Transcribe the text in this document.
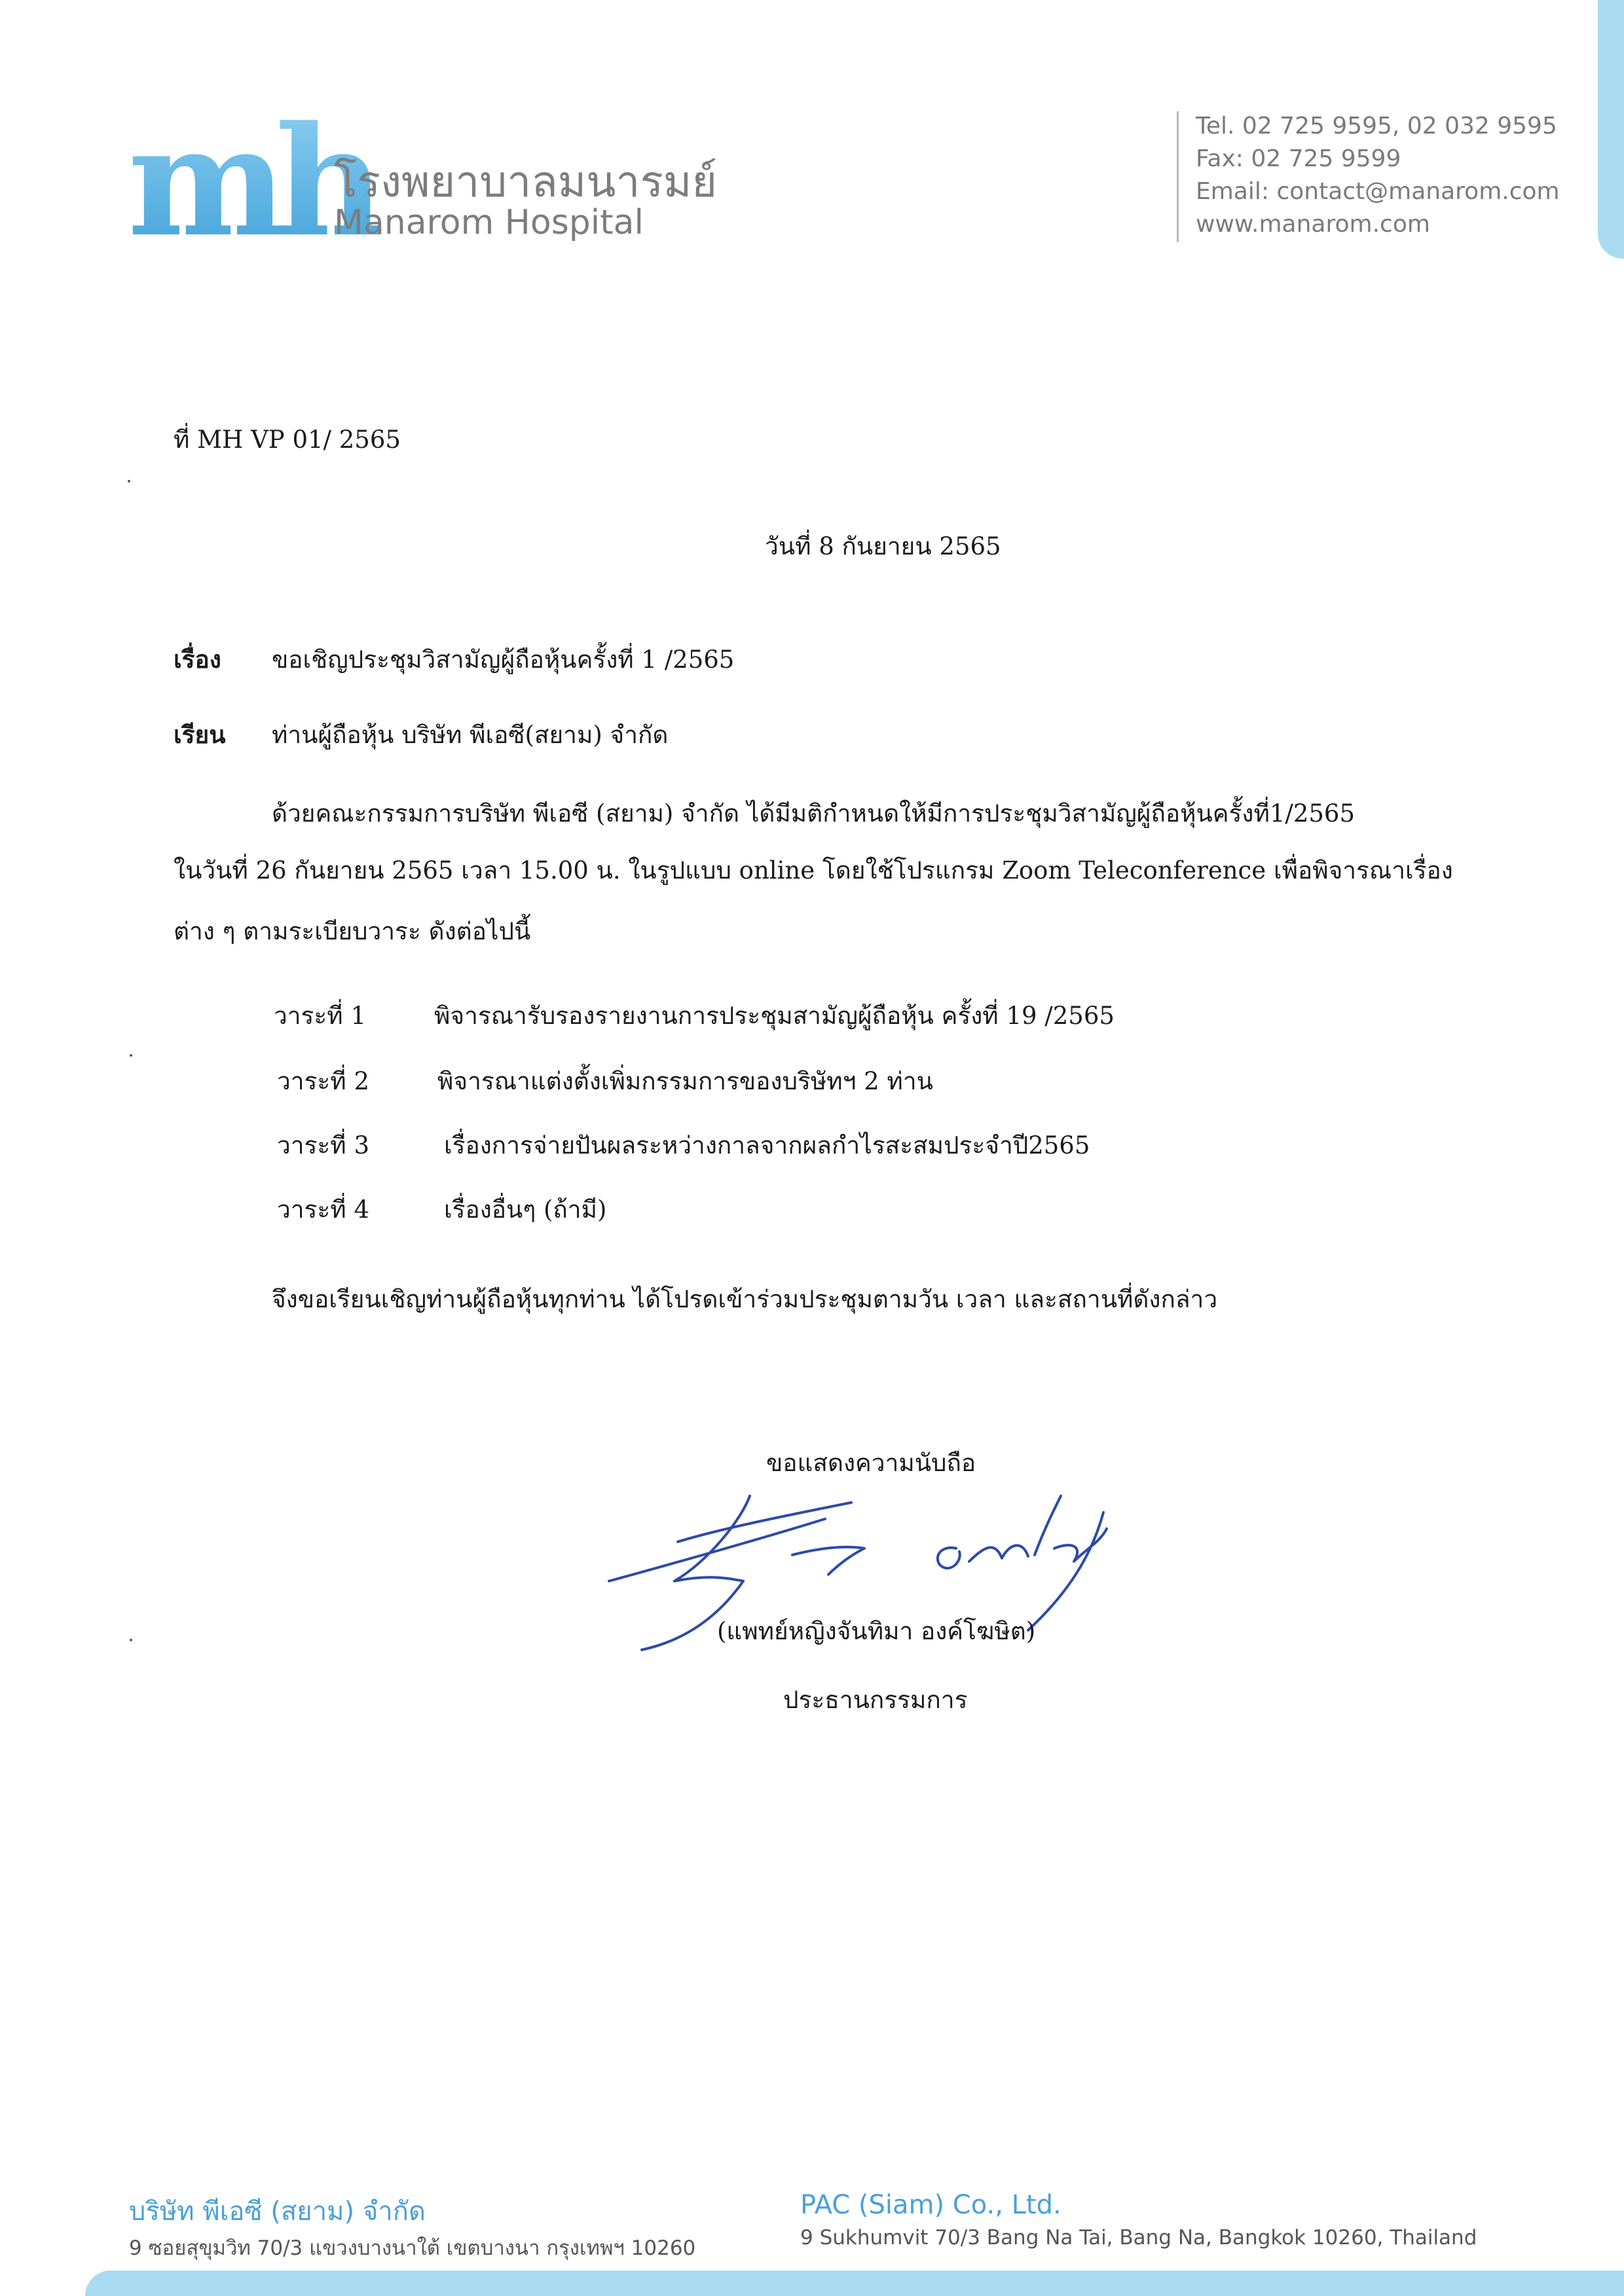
mh
โรงพยาบาลมนารมย์
Manarom Hospital
Tel. 02 725 9595, 02 032 9595
Fax: 02 725 9599
Email: contact@manarom.com
www.manarom.com
ที่ MH VP 01/ 2565
วันที่ 8 กันยายน 2565
เรื่อง ขอเชิญประชุมวิสามัญผู้ถือหุ้นครั้งที่ 1 /2565
เรียน ท่านผู้ถือหุ้น บริษัท พีเอซี(สยาม) จำกัด
ด้วยคณะกรรมการบริษัท พีเอซี (สยาม) จำกัด ได้มีมติกำหนดให้มีการประชุมวิสามัญผู้ถือหุ้นครั้งที่1/2565
ในวันที่ 26 กันยายน 2565 เวลา 15.00 น. ในรูปแบบ online โดยใช้โปรแกรม Zoom Teleconference เพื่อพิจารณาเรื่อง
ต่าง ๆ ตามระเบียบวาระ ดังต่อไปนี้
วาระที่ 1	พิจารณารับรองรายงานการประชุมสามัญผู้ถือหุ้น ครั้งที่ 19 /2565
วาระที่ 2	พิจารณาแต่งตั้งเพิ่มกรรมการของบริษัทฯ 2 ท่าน
วาระที่ 3	เรื่องการจ่ายปันผลระหว่างกาลจากผลกำไรสะสมประจำปี2565
วาระที่ 4	เรื่องอื่นๆ (ถ้ามี)
จึงขอเรียนเชิญท่านผู้ถือหุ้นทุกท่าน ได้โปรดเข้าร่วมประชุมตามวัน เวลา และสถานที่ดังกล่าว
ขอแสดงความนับถือ
(แพทย์หญิงจันทิมา องค์โฆษิต)
ประธานกรรมการ
บริษัท พีเอซี (สยาม) จำกัด
9 ซอยสุขุมวิท 70/3 แขวงบางนาใต้ เขตบางนา กรุงเทพฯ 10260
PAC (Siam) Co., Ltd.
9 Sukhumvit 70/3 Bang Na Tai, Bang Na, Bangkok 10260, Thailand
